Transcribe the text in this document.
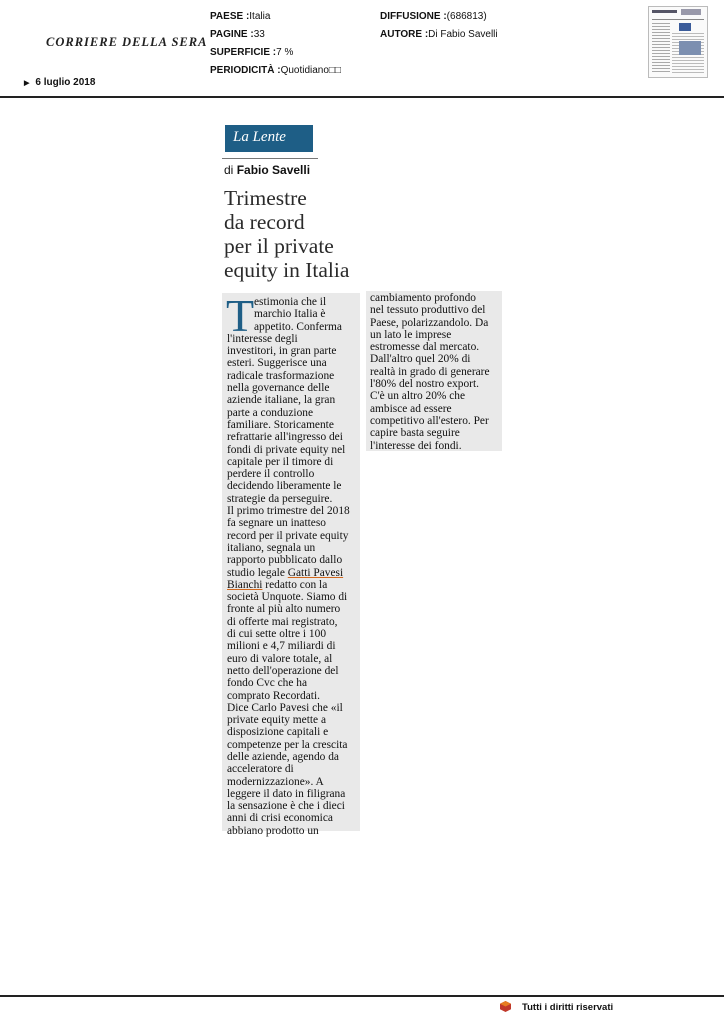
CORRIERE DELLA SERA
PAESE :Italia
PAGINE :33
SUPERFICIE :7 %
PERIODICITÀ :Quotidiano□□
DIFFUSIONE :(686813)
AUTORE :Di Fabio Savelli
▶ 6 luglio 2018
La Lente
di Fabio Savelli
Trimestre
da record
per il private
equity in Italia
estimonia che il
marchio Italia è
appetito. Conferma
l'interesse degli
investitori, in gran parte
esteri. Suggerisce una
radicale trasformazione
nella governance delle
aziende italiane, la gran
parte a conduzione
familiare. Storicamente
refrattarie all'ingresso dei
fondi di private equity nel
capitale per il timore di
perdere il controllo
decidendo liberamente le
strategie da perseguire.
Il primo trimestre del 2018
fa segnare un inatteso
record per il private equity
italiano, segnala un
rapporto pubblicato dallo
studio legale Gatti Pavesi
Bianchi redatto con la
società Unquote. Siamo di
fronte al più alto numero
di offerte mai registrato,
di cui sette oltre i 100
milioni e 4,7 miliardi di
euro di valore totale, al
netto dell'operazione del
fondo Cvc che ha
comprato Recordati.
Dice Carlo Pavesi che «il
private equity mette a
disposizione capitali e
competenze per la crescita
delle aziende, agendo da
acceleratore di
modernizzazione». A
leggere il dato in filigrana
la sensazione è che i dieci
anni di crisi economica
abbiano prodotto un
T	cambiamento profondo
nel tessuto produttivo del
Paese, polarizzandolo. Da
un lato le imprese
estromesse dal mercato.
Dall'altro quel 20% di
realtà in grado di generare
l'80% del nostro export.
C'è un altro 20% che
ambisce ad essere
competitivo all'estero. Per
capire basta seguire
l'interesse dei fondi.
Tutti i diritti riservati
